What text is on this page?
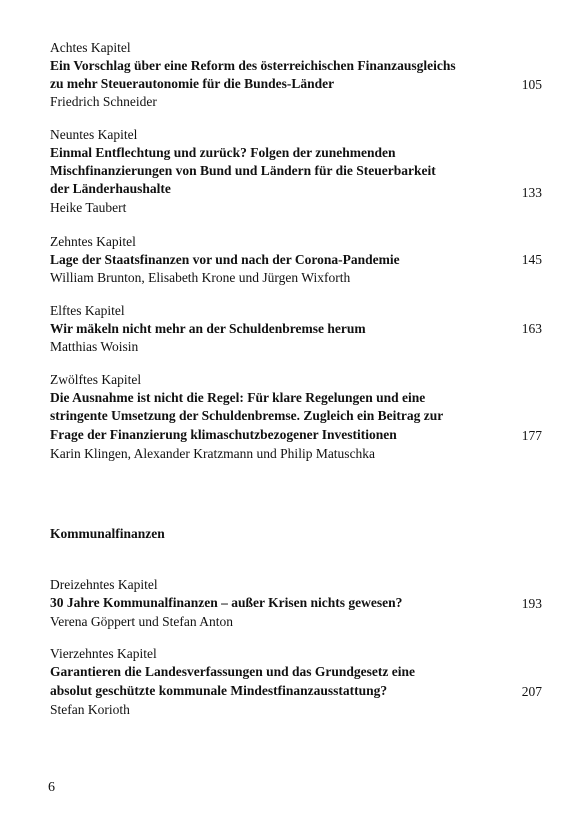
Achtes Kapitel
Ein Vorschlag über eine Reform des österreichischen Finanzausgleichs
zu mehr Steuerautonomie für die Bundes-Länder
Friedrich Schneider
105
Neuntes Kapitel
Einmal Entflechtung und zurück? Folgen der zunehmenden
Mischfinanzierungen von Bund und Ländern für die Steuerbarkeit
der Länderhaushalte
Heike Taubert
133
Zehntes Kapitel
Lage der Staatsfinanzen vor und nach der Corona-Pandemie
William Brunton, Elisabeth Krone und Jürgen Wixforth
145
Elftes Kapitel
Wir mäkeln nicht mehr an der Schuldenbremse herum
Matthias Woisin
163
Zwölftes Kapitel
Die Ausnahme ist nicht die Regel: Für klare Regelungen und eine
stringente Umsetzung der Schuldenbremse. Zugleich ein Beitrag zur
Frage der Finanzierung klimaschutzbezogener Investitionen
Karin Klingen, Alexander Kratzmann und Philip Matuschka
177
Kommunalfinanzen
Dreizehntes Kapitel
30 Jahre Kommunalfinanzen – außer Krisen nichts gewesen?
Verena Göppert und Stefan Anton
193
Vierzehntes Kapitel
Garantieren die Landesverfassungen und das Grundgesetz eine
absolut geschützte kommunale Mindestfinanzausstattung?
Stefan Korioth
207
6
